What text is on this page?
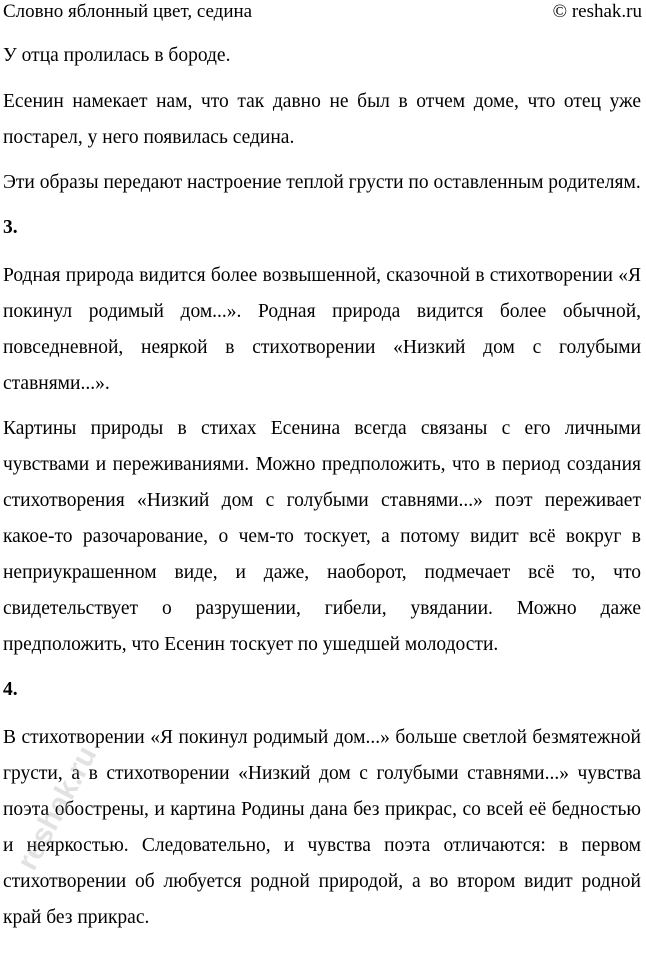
Словно яблонный цвет, седина	© reshak.ru

У отца пролилась в бороде.

Есенин намекает нам, что так давно не был в отчем доме, что отец уже постарел, у него появилась седина.

Эти образы передают настроение теплой грусти по оставленным родителям.

3.

Родная природа видится более возвышенной, сказочной в стихотворении «Я покинул родимый дом...». Родная природа видится более обычной, повседневной, неяркой в стихотворении «Низкий дом с голубыми ставнями...».

Картины природы в стихах Есенина всегда связаны с его личными чувствами и переживаниями. Можно предположить, что в период создания стихотворения «Низкий дом с голубыми ставнями...» поэт переживает какое-то разочарование, о чем-то тоскует, а потому видит всё вокруг в неприукрашенном виде, и даже, наоборот, подмечает всё то, что свидетельствует о разрушении, гибели, увядании. Можно даже предположить, что Есенин тоскует по ушедшей молодости.

4.

В стихотворении «Я покинул родимый дом...» больше светлой безмятежной грусти, а в стихотворении «Низкий дом с голубыми ставнями...» чувства поэта обострены, и картина Родины дана без прикрас, со всей её бедностью и неяркостью. Следовательно, и чувства поэта отличаются: в первом стихотворении об любуется родной природой, а во втором видит родной край без прикрас.

reshak.ru
